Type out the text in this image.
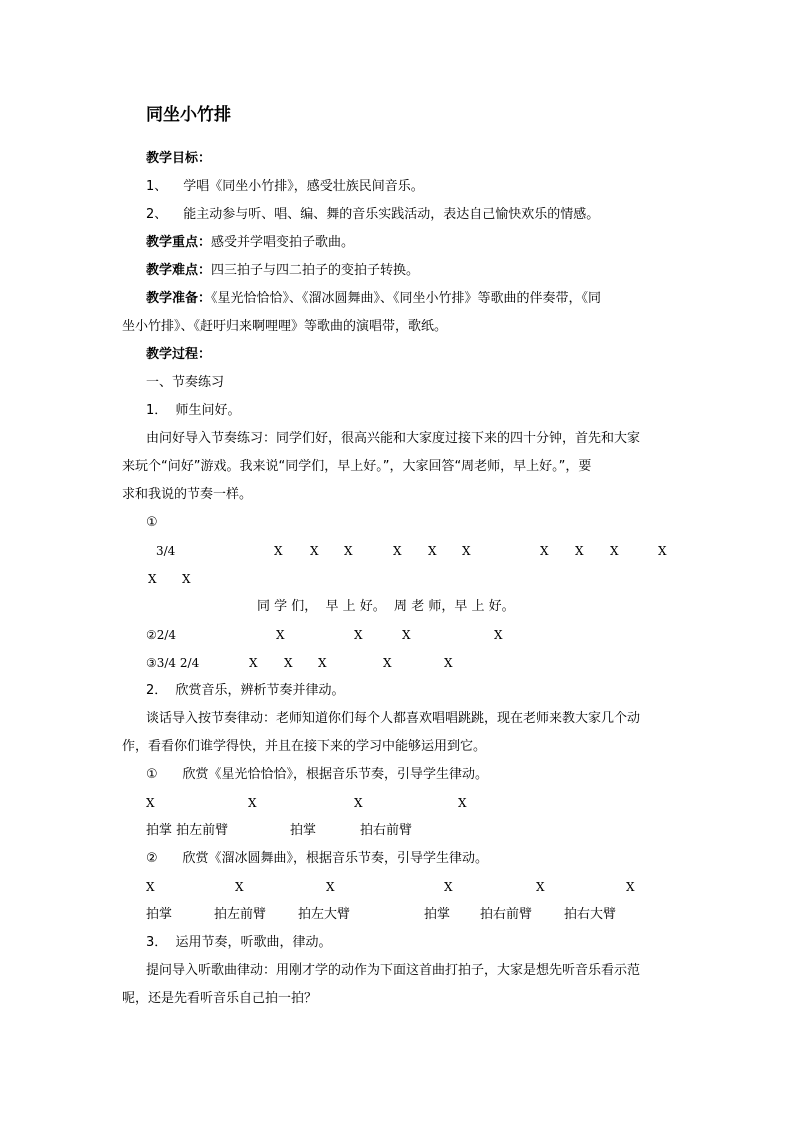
同坐小竹排
教学目标：
1、 学唱《同坐小竹排》，感受壮族民间音乐。
2、 能主动参与听、唱、编、舞的音乐实践活动，表达自己愉快欢乐的情感。
教学重点：感受并学唱变拍子歌曲。
教学难点：四三拍子与四二拍子的变拍子转换。
教学准备：《星光恰恰恰》、《溜冰圆舞曲》、《同坐小竹排》等歌曲的伴奏带，《同
坐小竹排》、《赶吁归来啊哩哩》等歌曲的演唱带，歌纸。
教学过程：
一、节奏练习
1．  师生问好。
由问好导入节奏练习：同学们好，很高兴能和大家度过接下来的四十分钟，首先和大家
来玩个“问好”游戏。我来说“同学们，早上好。”，大家回答“周老师，早上好。”，要
求和我说的节奏一样。
①
3/4	X X X	X X X	X X X	X
X X
同 学 们，  早 上 好。  周 老 师，早 上 好。
②2/4	X	X	X	X
③3/4 2/4	X X X	X	X
2．  欣赏音乐，辨析节奏并律动。
谈话导入按节奏律动：老师知道你们每个人都喜欢唱唱跳跳，现在老师来教大家几个动
作，看看你们谁学得快，并且在接下来的学习中能够运用到它。
①      欣赏《星光恰恰恰》，根据音乐节奏，引导学生律动。
X	X	X	X
拍掌 拍左前臂	拍掌	拍右前臂
②      欣赏《溜冰圆舞曲》，根据音乐节奏，引导学生律动。
X	X	X	X	X	X
拍掌	拍左前臂 拍左大臂	拍掌 拍右前臂 拍右大臂
3．  运用节奏，听歌曲，律动。
提问导入听歌曲律动：用刚才学的动作为下面这首曲打拍子，大家是想先听音乐看示范
呢，还是先看听音乐自己拍一拍？
